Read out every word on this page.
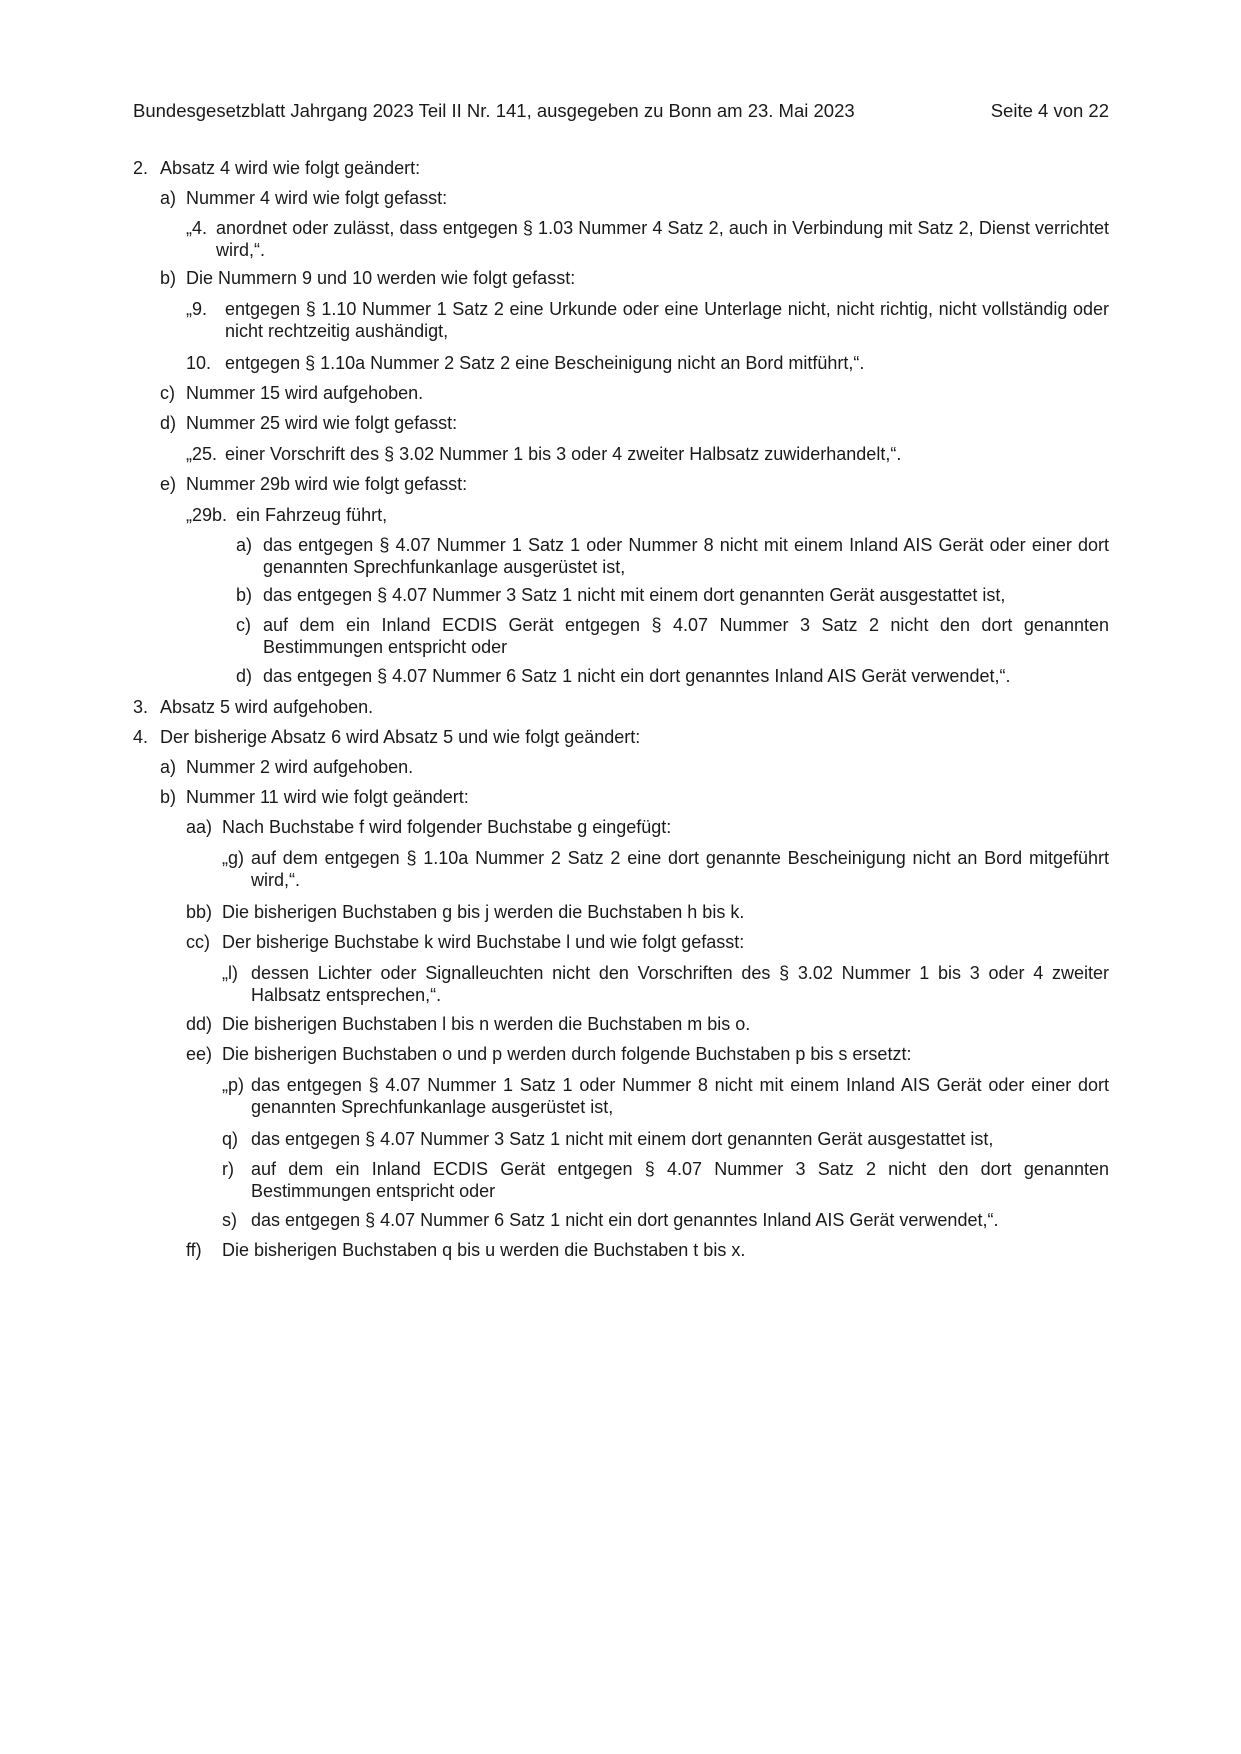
Bundesgesetzblatt Jahrgang 2023 Teil II Nr. 141, ausgegeben zu Bonn am 23. Mai 2023	Seite 4 von 22
2. Absatz 4 wird wie folgt geändert:

a) Nummer 4 wird wie folgt gefasst:

„4. anordnet oder zulässt, dass entgegen § 1.03 Nummer 4 Satz 2, auch in Verbindung mit Satz 2, Dienst verrichtet wird,“.

b) Die Nummern 9 und 10 werden wie folgt gefasst:

„9. entgegen § 1.10 Nummer 1 Satz 2 eine Urkunde oder eine Unterlage nicht, nicht richtig, nicht vollständig oder nicht rechtzeitig aushändigt,

10. entgegen § 1.10a Nummer 2 Satz 2 eine Bescheinigung nicht an Bord mitführt,“.

c) Nummer 15 wird aufgehoben.

d) Nummer 25 wird wie folgt gefasst:

„25. einer Vorschrift des § 3.02 Nummer 1 bis 3 oder 4 zweiter Halbsatz zuwiderhandelt,“.

e) Nummer 29b wird wie folgt gefasst:

„29b. ein Fahrzeug führt,

a) das entgegen § 4.07 Nummer 1 Satz 1 oder Nummer 8 nicht mit einem Inland AIS Gerät oder einer dort genannten Sprechfunkanlage ausgerüstet ist,

b) das entgegen § 4.07 Nummer 3 Satz 1 nicht mit einem dort genannten Gerät ausgestattet ist,

c) auf dem ein Inland ECDIS Gerät entgegen § 4.07 Nummer 3 Satz 2 nicht den dort genannten Bestimmungen entspricht oder

d) das entgegen § 4.07 Nummer 6 Satz 1 nicht ein dort genanntes Inland AIS Gerät verwendet,“.

3. Absatz 5 wird aufgehoben.

4. Der bisherige Absatz 6 wird Absatz 5 und wie folgt geändert:

a) Nummer 2 wird aufgehoben.

b) Nummer 11 wird wie folgt geändert:

aa) Nach Buchstabe f wird folgender Buchstabe g eingefügt:

„g) auf dem entgegen § 1.10a Nummer 2 Satz 2 eine dort genannte Bescheinigung nicht an Bord mitgeführt wird,“.

bb) Die bisherigen Buchstaben g bis j werden die Buchstaben h bis k.

cc) Der bisherige Buchstabe k wird Buchstabe l und wie folgt gefasst:

„l) dessen Lichter oder Signalleuchten nicht den Vorschriften des § 3.02 Nummer 1 bis 3 oder 4 zweiter Halbsatz entsprechen,“.

dd) Die bisherigen Buchstaben l bis n werden die Buchstaben m bis o.

ee) Die bisherigen Buchstaben o und p werden durch folgende Buchstaben p bis s ersetzt:

„p) das entgegen § 4.07 Nummer 1 Satz 1 oder Nummer 8 nicht mit einem Inland AIS Gerät oder einer dort genannten Sprechfunkanlage ausgerüstet ist,

q) das entgegen § 4.07 Nummer 3 Satz 1 nicht mit einem dort genannten Gerät ausgestattet ist,

r) auf dem ein Inland ECDIS Gerät entgegen § 4.07 Nummer 3 Satz 2 nicht den dort genannten Bestimmungen entspricht oder

s) das entgegen § 4.07 Nummer 6 Satz 1 nicht ein dort genanntes Inland AIS Gerät verwendet,“.

ff) Die bisherigen Buchstaben q bis u werden die Buchstaben t bis x.
